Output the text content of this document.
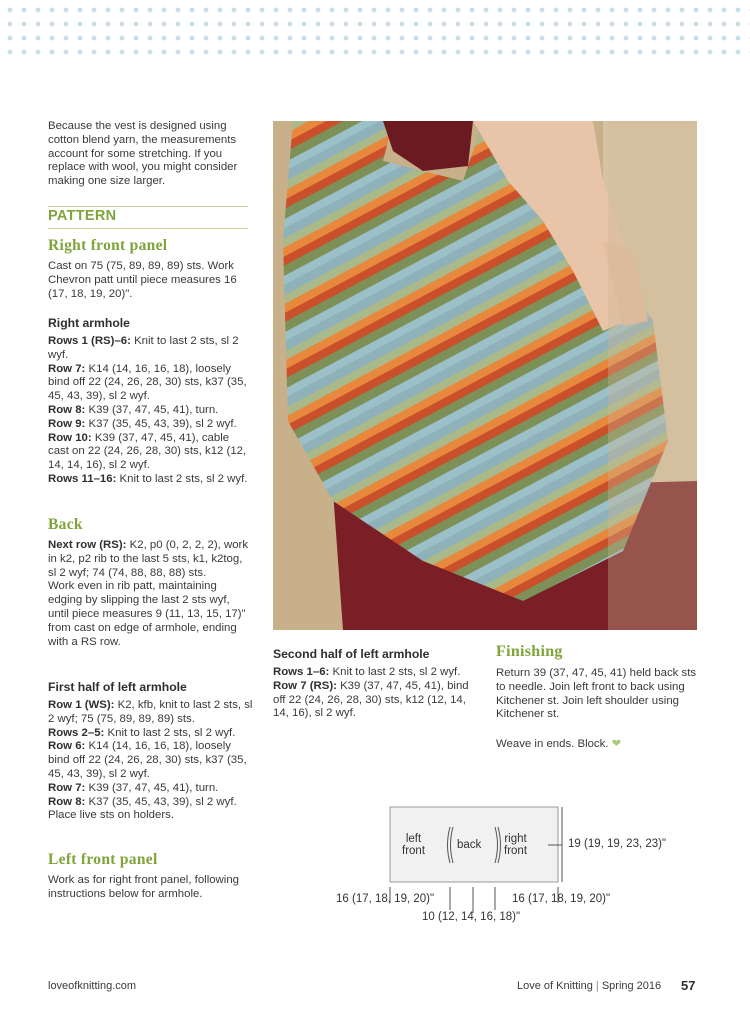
Because the vest is designed using cotton blend yarn, the measurements account for some stretching. If you replace with wool, you might consider making one size larger.

PATTERN
Right front panel

Cast on 75 (75, 89, 89, 89) sts. Work Chevron patt until piece measures 16 (17, 18, 19, 20)".

Right armhole

Rows 1 (RS)–6: Knit to last 2 sts, sl 2 wyf.

Row 7: K14 (14, 16, 16, 18), loosely bind off 22 (24, 26, 28, 30) sts, k37 (35, 45, 43, 39), sl 2 wyf.

Row 8: K39 (37, 47, 45, 41), turn.

Row 9: K37 (35, 45, 43, 39), sl 2 wyf.

Row 10: K39 (37, 47, 45, 41), cable cast on 22 (24, 26, 28, 30) sts, k12 (12, 14, 14, 16), sl 2 wyf.

Rows 11–16: Knit to last 2 sts, sl 2 wyf.

Back

Next row (RS): K2, p0 (0, 2, 2, 2), work in k2, p2 rib to the last 5 sts, k1, k2tog, sl 2 wyf; 74 (74, 88, 88, 88) sts.

Work even in rib patt, maintaining edging by slipping the last 2 sts wyf, until piece measures 9 (11, 13, 15, 17)" from cast on edge of armhole, ending with a RS row.

First half of left armhole

Row 1 (WS): K2, kfb, knit to last 2 sts, sl 2 wyf; 75 (75, 89, 89, 89) sts.

Rows 2–5: Knit to last 2 sts, sl 2 wyf.

Row 6: K14 (14, 16, 16, 18), loosely bind off 22 (24, 26, 28, 30) sts, k37 (35, 45, 43, 39), sl 2 wyf.

Row 7: K39 (37, 47, 45, 41), turn.

Row 8: K37 (35, 45, 43, 39), sl 2 wyf. Place live sts on holders.

Left front panel

Work as for right front panel, following instructions below for armhole.

Second half of left armhole

Rows 1–6: Knit to last 2 sts, sl 2 wyf.

Row 7 (RS): K39 (37, 47, 45, 41), bind off 22 (24, 26, 28, 30) sts, k12 (12, 14, 14, 16), sl 2 wyf.

Finishing

Return 39 (37, 47, 45, 41) held back sts to needle. Join left front to back using Kitchener st. Join left shoulder using Kitchener st.

Weave in ends. Block. ❤

left
front	back right
front
19 (19, 19, 23, 23)"
16 (17, 18, 19, 20)"	16 (17, 18, 19, 20)"
10 (12, 14, 16, 18)"
loveofknitting.com	Love of Knitting | Spring 2016 57
